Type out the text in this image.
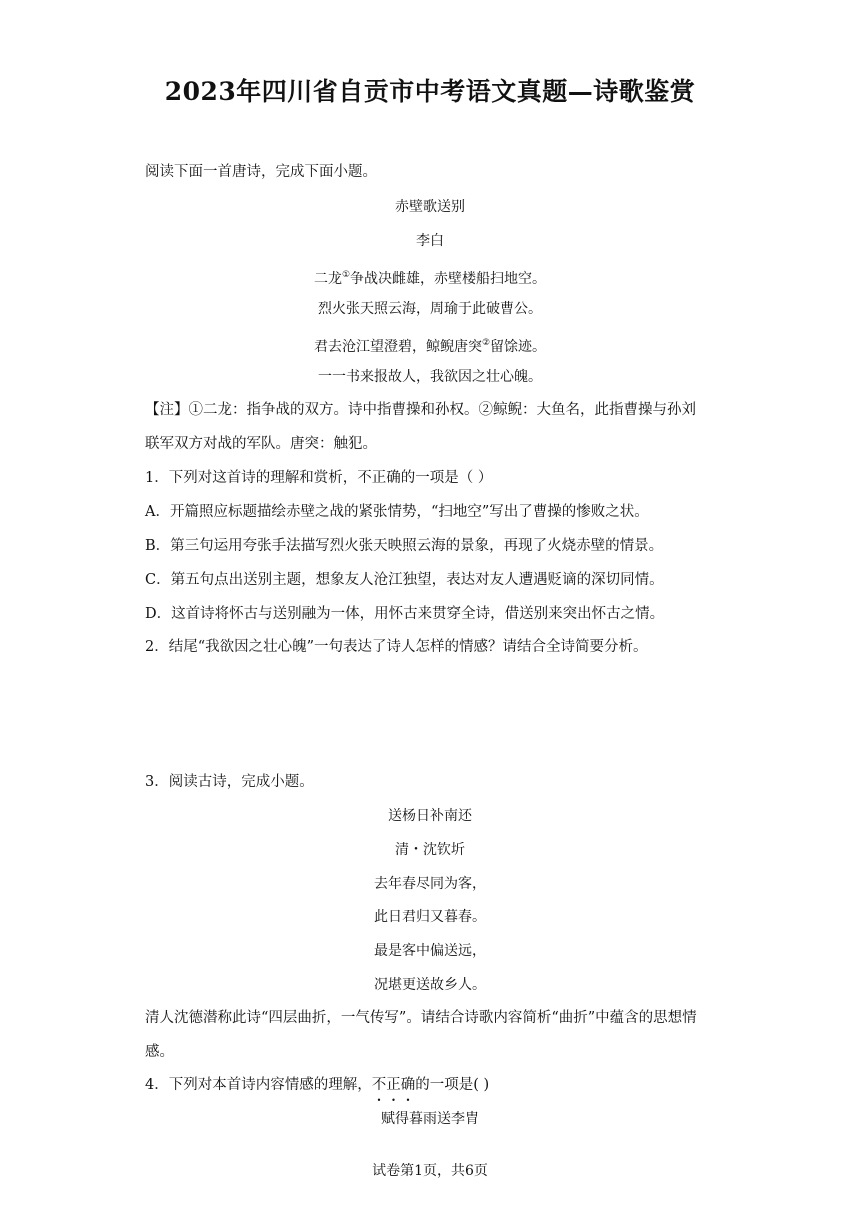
2023年四川省自贡市中考语文真题—诗歌鉴赏
阅读下面一首唐诗，完成下面小题。
赤壁歌送别
李白
二龙①争战决雌雄，赤壁楼船扫地空。
烈火张天照云海，周瑜于此破曹公。
君去沧江望澄碧，鲸鲵唐突②留馀迹。
一一书来报故人，我欲因之壮心魄。
【注】①二龙：指争战的双方。诗中指曹操和孙权。②鲸鲵：大鱼名，此指曹操与孙刘
联军双方对战的军队。唐突：触犯。
1．下列对这首诗的理解和赏析，不正确的一项是（ ）
A．开篇照应标题描绘赤壁之战的紧张情势，“扫地空”写出了曹操的惨败之状。
B．第三句运用夸张手法描写烈火张天映照云海的景象，再现了火烧赤壁的情景。
C．第五句点出送别主题，想象友人沧江独望，表达对友人遭遇贬谪的深切同情。
D．这首诗将怀古与送别融为一体，用怀古来贯穿全诗，借送别来突出怀古之情。
2．结尾“我欲因之壮心魄”一句表达了诗人怎样的情感？请结合全诗简要分析。
3．阅读古诗，完成小题。
送杨日补南还
清・沈钦圻
去年春尽同为客，
此日君归又暮春。
最是客中偏送远，
况堪更送故乡人。
清人沈德潜称此诗“四层曲折，一气传写”。请结合诗歌内容简析“曲折”中蕴含的思想情
感。
4．下列对本首诗内容情感的理解，不正确的一项是( )
赋得暮雨送李胄
试卷第1页，共6页
